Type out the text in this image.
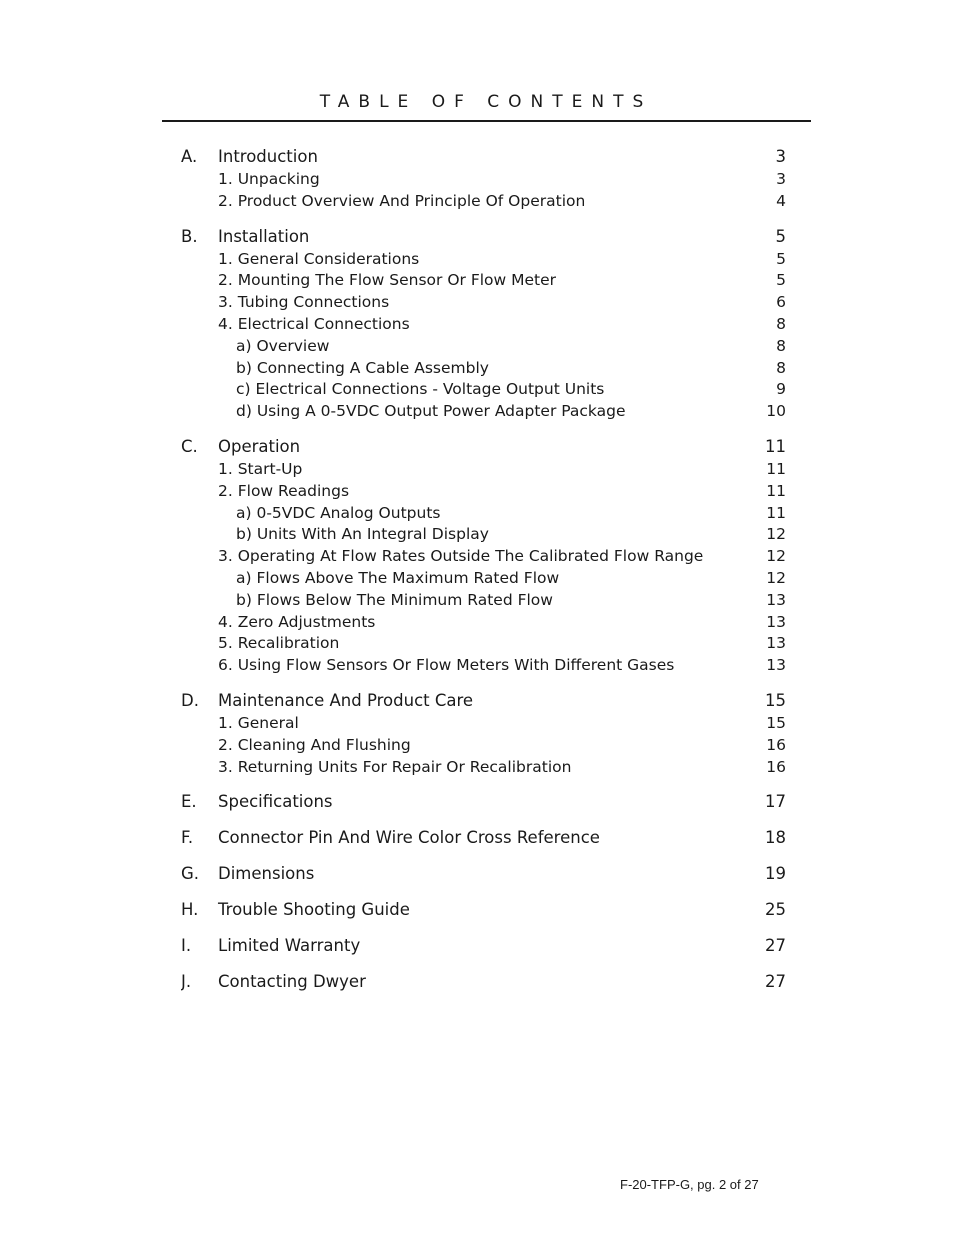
TABLE OF CONTENTS
A.	Introduction	3
1. Unpacking	3
2. Product Overview And Principle Of Operation	4
B.	Installation	5
1. General Considerations	5
2. Mounting The Flow Sensor Or Flow Meter	5
3. Tubing Connections	6
4. Electrical Connections	8
a) Overview	8
b) Connecting A Cable Assembly	8
c) Electrical Connections - Voltage Output Units	9
d) Using A 0-5VDC Output Power Adapter Package	10
C.	Operation	11
1. Start-Up	11
2. Flow Readings	11
a) 0-5VDC Analog Outputs	11
b) Units With An Integral Display	12
3. Operating At Flow Rates Outside The Calibrated Flow Range	12
a) Flows Above The Maximum Rated Flow	12
b) Flows Below The Minimum Rated Flow	13
4. Zero Adjustments	13
5. Recalibration	13
6. Using Flow Sensors Or Flow Meters With Different Gases	13
D.	Maintenance And Product Care	15
1. General	15
2. Cleaning And Flushing	16
3. Returning Units For Repair Or Recalibration	16
E.	Specifications	17
F.	Connector Pin And Wire Color Cross Reference	18
G.	Dimensions	19
H.	Trouble Shooting Guide	25
I.	Limited Warranty	27
J.	Contacting Dwyer	27
F-20-TFP-G, pg. 2 of 27
